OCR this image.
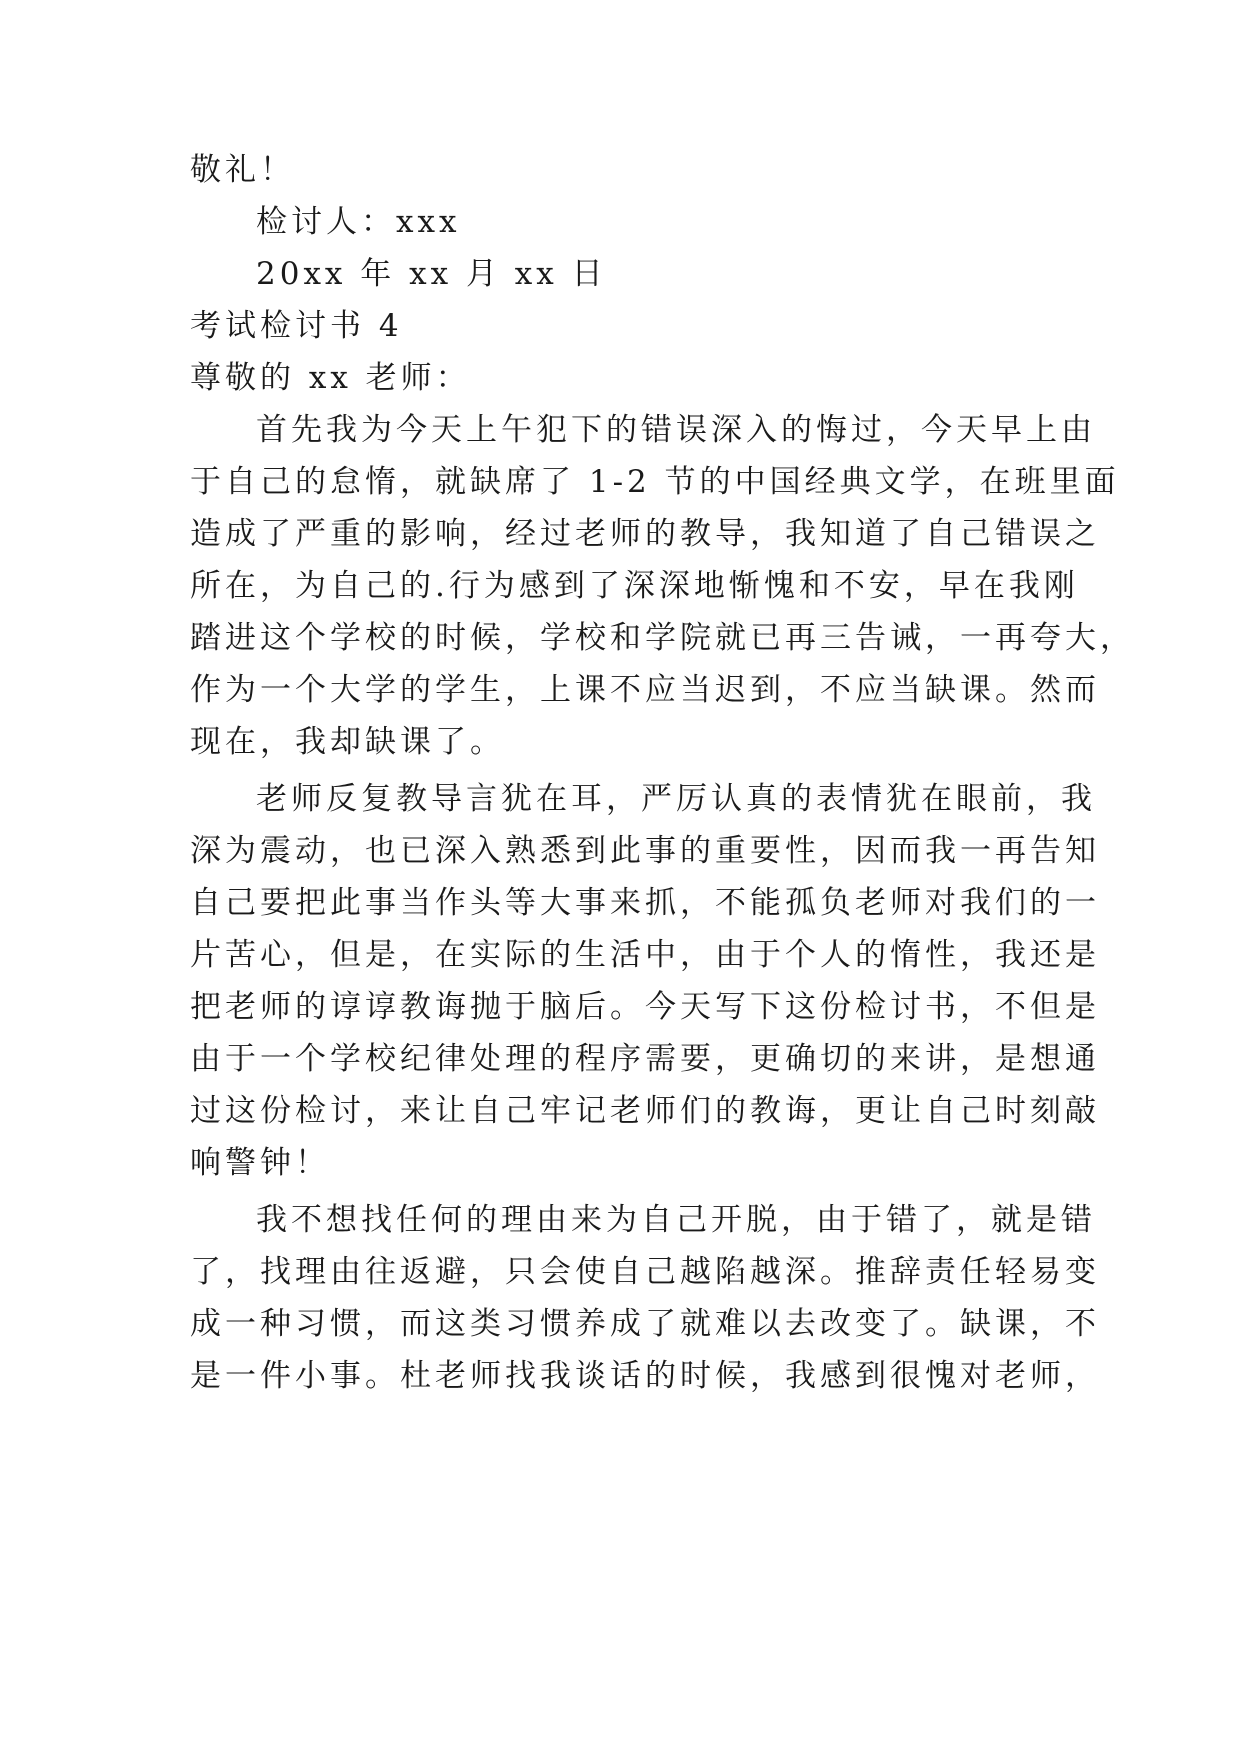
敬礼！
检讨人：xxx
20xx 年 xx 月 xx 日
考试检讨书 4
尊敬的 xx 老师：
首先我为今天上午犯下的错误深入的悔过，今天早上由
于自己的怠惰，就缺席了 1-2 节的中国经典文学，在班里面
造成了严重的影响，经过老师的教导，我知道了自己错误之
所在，为自己的.行为感到了深深地惭愧和不安，早在我刚
踏进这个学校的时候，学校和学院就已再三告诫，一再夸大，
作为一个大学的学生，上课不应当迟到，不应当缺课。然而
现在，我却缺课了。
老师反复教导言犹在耳，严厉认真的表情犹在眼前，我
深为震动，也已深入熟悉到此事的重要性，因而我一再告知
自己要把此事当作头等大事来抓，不能孤负老师对我们的一
片苦心，但是，在实际的生活中，由于个人的惰性，我还是
把老师的谆谆教诲抛于脑后。今天写下这份检讨书，不但是
由于一个学校纪律处理的程序需要，更确切的来讲，是想通
过这份检讨，来让自己牢记老师们的教诲，更让自己时刻敲
响警钟！
我不想找任何的理由来为自己开脱，由于错了，就是错
了，找理由往返避，只会使自己越陷越深。推辞责任轻易变
成一种习惯，而这类习惯养成了就难以去改变了。缺课，不
是一件小事。杜老师找我谈话的时候，我感到很愧对老师，
